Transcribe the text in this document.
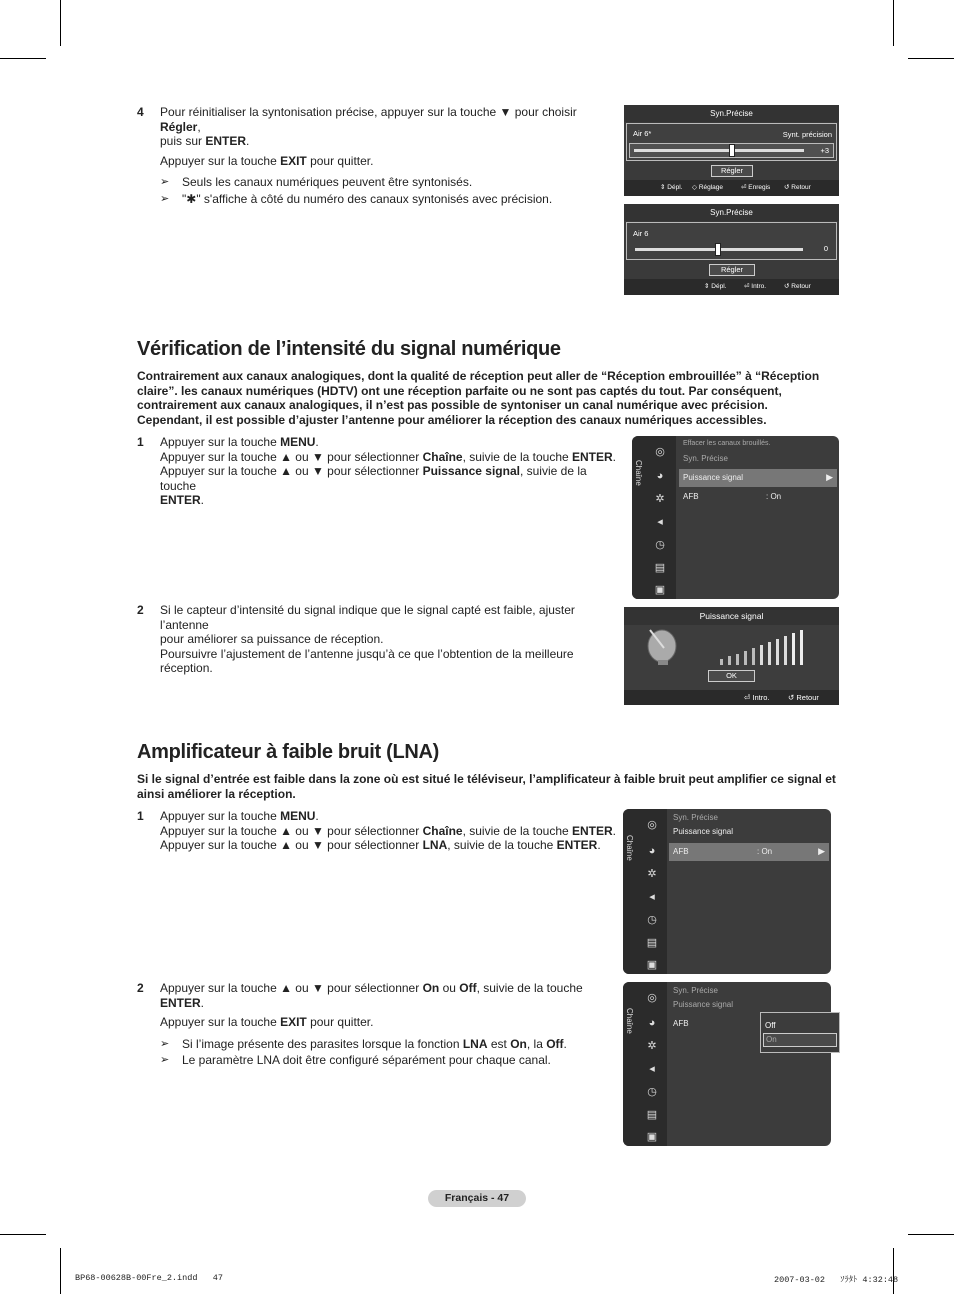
4 Pour réinitialiser la syntonisation précise, appuyer sur la touche ▼ pour choisir Régler,
puis sur ENTER.
Appuyer sur la touche EXIT pour quitter.
➢	Seuls les canaux numériques peuvent être syntonisés.
➢	"✱" s'affiche à côté du numéro des canaux syntonisés avec précision.
Syn.Précise
Air 6*	Synt. précision
+3
Régler
⇕ Dépl. ◇ Réglage	⏎ Enregis ↺ Retour
Syn.Précise
Air 6
0
Régler
⇕ Dépl.	⏎ Intro.	↺ Retour
Vérification de l’intensité du signal numérique
Contrairement aux canaux analogiques, dont la qualité de réception peut aller de “Réception embrouillée” à “Réception
claire”. les canaux numériques (HDTV) ont une réception parfaite ou ne sont pas captés du tout. Par conséquent,
contrairement aux canaux analogiques, il n’est pas possible de syntoniser un canal numérique avec précision.
Cependant, il est possible d’ajuster l’antenne pour améliorer la réception des canaux numériques accessibles.
1 Appuyer sur la touche MENU.
Appuyer sur la touche ▲ ou ▼ pour sélectionner Chaîne, suivie de la touche ENTER.
Appuyer sur la touche ▲ ou ▼ pour sélectionner Puissance signal, suivie de la touche
ENTER.
Chaîne
◎
◕
✲
◂
◷
▤
▣
Effacer les canaux brouillés.
Syn. Précise
Puissance signal	▶
AFB	: On
2 Si le capteur d’intensité du signal indique que le signal capté est faible, ajuster l’antenne
pour améliorer sa puissance de réception.
Poursuivre l’ajustement de l’antenne jusqu’à ce que l’obtention de la meilleure
réception.
Puissance signal
OK
⏎ Intro. ↺ Retour
Amplificateur à faible bruit (LNA)
Si le signal d’entrée est faible dans la zone où est situé le téléviseur, l’amplificateur à faible bruit peut amplifier ce signal et
ainsi améliorer la réception.
1 Appuyer sur la touche MENU.
Appuyer sur la touche ▲ ou ▼ pour sélectionner Chaîne, suivie de la touche ENTER.
Appuyer sur la touche ▲ ou ▼ pour sélectionner LNA, suivie de la touche ENTER.	Chaîne
◎
◕
✲
◂
◷
▤
▣
Syn. Précise
Puissance signal
AFB	: On	▶
2 Appuyer sur la touche ▲ ou ▼ pour sélectionner On ou Off, suivie de la touche
ENTER.
Appuyer sur la touche EXIT pour quitter.
➢	Si l’image présente des parasites lorsque la fonction LNA est On, la Off.
➢	Le paramètre LNA doit être configuré séparément pour chaque canal.
Chaîne
◎
◕
✲
◂
◷
▤
▣
Syn. Précise
Puissance signal
AFB	Off
On
Français - 47
BP68-00628B-00Fre_2.indd   47	2007-03-02   ｿﾗﾀﾄ 4:32:48
